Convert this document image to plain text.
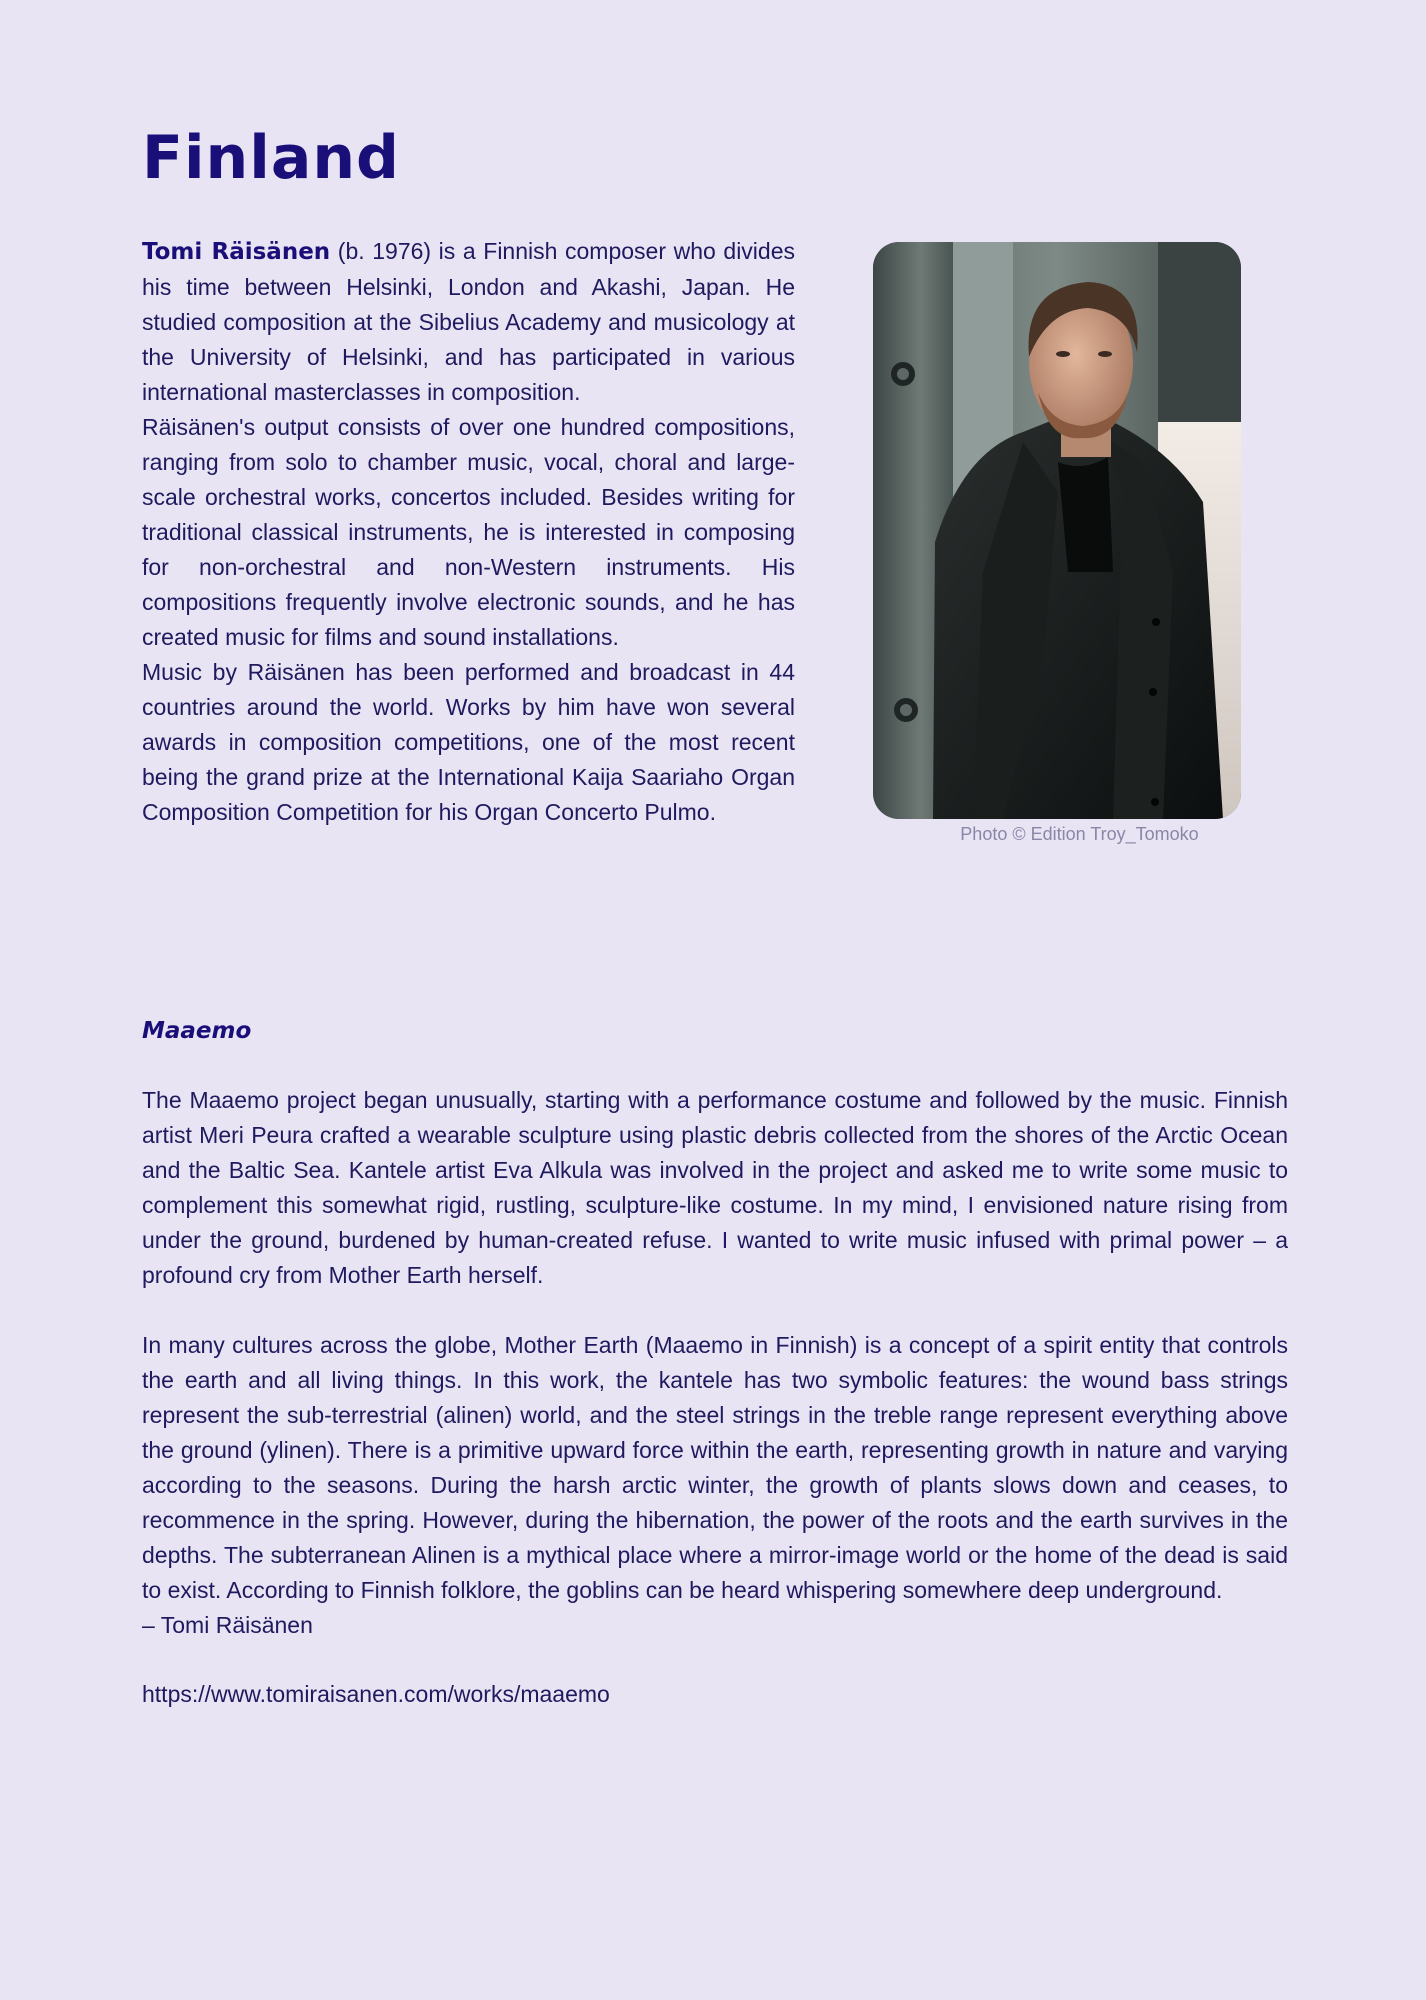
Finland

Tomi Räisänen (b. 1976) is a Finnish composer who divides his time between Helsinki, London and Akashi, Japan. He studied composition at the Sibelius Academy and musicology at the University of Helsinki, and has participated in various international masterclasses in composition.

Räisänen's output consists of over one hundred compositions, ranging from solo to chamber music, vocal, choral and large-scale orchestral works, concertos included. Besides writing for traditional classical instruments, he is interested in composing for non-orchestral and non-Western instruments. His compositions frequently involve electronic sounds, and he has created music for films and sound installations.

Music by Räisänen has been performed and broadcast in 44 countries around the world. Works by him have won several awards in composition competitions, one of the most recent being the grand prize at the International Kaija Saariaho Organ Composition Competition for his Organ Concerto Pulmo.

Photo © Edition Troy_Tomoko
Maaemo

The Maaemo project began unusually, starting with a performance costume and followed by the music. Finnish artist Meri Peura crafted a wearable sculpture using plastic debris collected from the shores of the Arctic Ocean and the Baltic Sea. Kantele artist Eva Alkula was involved in the project and asked me to write some music to complement this somewhat rigid, rustling, sculpture-like costume. In my mind, I envisioned nature rising from under the ground, burdened by human-created refuse. I wanted to write music infused with primal power – a profound cry from Mother Earth herself.

In many cultures across the globe, Mother Earth (Maaemo in Finnish) is a concept of a spirit entity that controls the earth and all living things. In this work, the kantele has two symbolic features: the wound bass strings represent the sub-terrestrial (alinen) world, and the steel strings in the treble range represent everything above the ground (ylinen). There is a primitive upward force within the earth, representing growth in nature and varying according to the seasons. During the harsh arctic winter, the growth of plants slows down and ceases, to recommence in the spring. However, during the hibernation, the power of the roots and the earth survives in the depths. The subterranean Alinen is a mythical place where a mirror-image world or the home of the dead is said to exist. According to Finnish folklore, the goblins can be heard whispering somewhere deep underground.

– Tomi Räisänen

https://www.tomiraisanen.com/works/maaemo
